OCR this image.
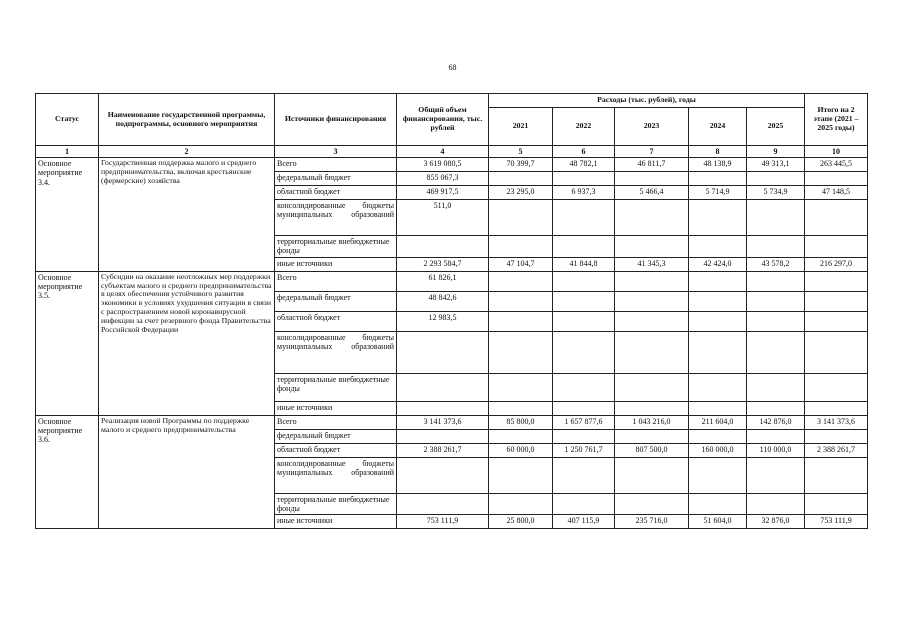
68
Статус	Наименование государственной программы, подпрограммы, основного мероприятия	Источники финансирования	Общий объем финансирования, тыс. рублей	Расходы (тыс. рублей), годы					Итого на 2 этапе (2021 – 2025 годы)
				2021	2022	2023	2024	2025	
1	2	3	4	5	6	7	8	9	10
Основное мероприятие 3.4.	Государственная поддержка малого и среднего предпринимательства, включая крестьянские (фермерские) хозяйства	Всего	3 619 080,5	70 399,7	48 782,1	46 811,7	48 138,9	49 313,1	263 445,5
		федеральный бюджет	855 067,3						
		областной бюджет	469 917,5	23 295,0	6 937,3	5 466,4	5 714,9	5 734,9	47 148,5
		консолидированные бюджеты муниципальных образований	511,0						
		территориальные внебюджетные фонды							
		иные источники	2 293 584,7	47 104,7	41 844,8	41 345,3	42 424,0	43 578,2	216 297,0
Основное мероприятие 3.5.	Субсидии на оказание неотложных мер поддержки субъектам малого и среднего предпринимательства в целях обеспечения устойчивого развития экономики в условиях ухудшения ситуации в связи с распространением новой коронавирусной инфекции за счет резервного фонда Правительства Российской Федерации	Всего	61 826,1						
		федеральный бюджет	48 842,6						
		областной бюджет	12 983,5						
		консолидированные бюджеты муниципальных образований							
		территориальные внебюджетные фонды							
		иные источники							
Основное мероприятие 3.6.	Реализация новой Программы по поддержке малого и среднего предпринимательства	Всего	3 141 373,6	85 800,0	1 657 877,6	1 043 216,0	211 604,0	142 876,0	3 141 373,6
		федеральный бюджет							
		областной бюджет	2 388 261,7	60 000,0	1 250 761,7	807 500,0	160 000,0	110 000,0	2 388 261,7
		консолидированные бюджеты муниципальных образований							
		территориальные внебюджетные фонды							
		иные источники	753 111,9	25 800,0	407 115,9	235 716,0	51 604,0	32 876,0	753 111,9
